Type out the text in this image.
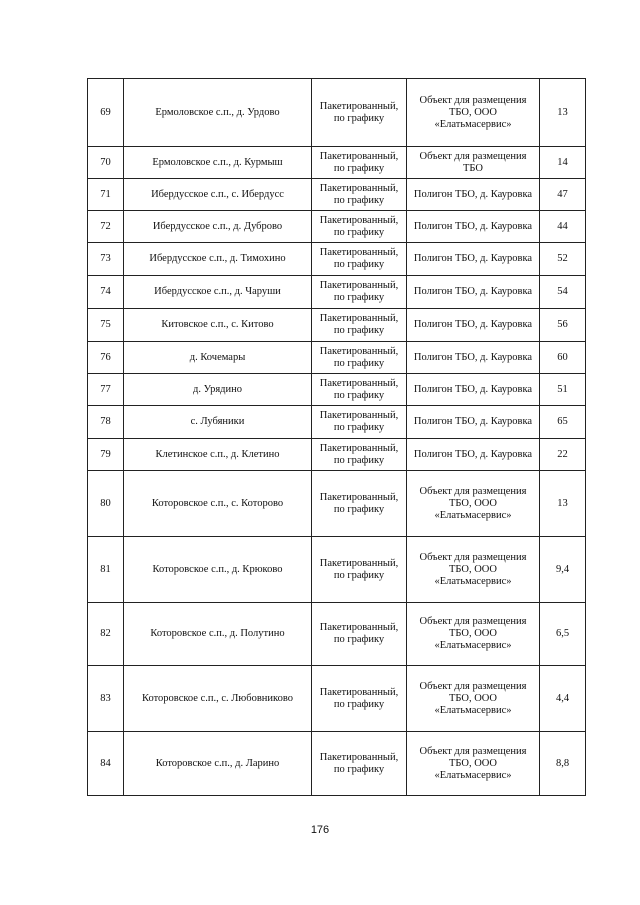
69	Ермоловское с.п., д. Урдово	Пакетированный, по графику	Объект для размещения ТБО, ООО «Елатьмасервис»	13
70	Ермоловское с.п., д. Курмыш	Пакетированный, по графику	Объект для размещения ТБО	14
71	Ибердусское с.п., с. Ибердусс	Пакетированный, по графику	Полигон ТБО, д. Кауровка	47
72	Ибердусское с.п., д. Дуброво	Пакетированный, по графику	Полигон ТБО, д. Кауровка	44
73	Ибердусское с.п., д. Тимохино	Пакетированный, по графику	Полигон ТБО, д. Кауровка	52
74	Ибердусское с.п., д. Чаруши	Пакетированный, по графику	Полигон ТБО, д. Кауровка	54
75	Китовское с.п., с. Китово	Пакетированный, по графику	Полигон ТБО, д. Кауровка	56
76	д. Кочемары	Пакетированный, по графику	Полигон ТБО, д. Кауровка	60
77	д. Урядино	Пакетированный, по графику	Полигон ТБО, д. Кауровка	51
78	с. Лубяники	Пакетированный, по графику	Полигон ТБО, д. Кауровка	65
79	Клетинское с.п., д. Клетино	Пакетированный, по графику	Полигон ТБО, д. Кауровка	22
80	Которовское с.п., с. Которово	Пакетированный, по графику	Объект для размещения ТБО, ООО «Елатьмасервис»	13
81	Которовское с.п., д. Крюково	Пакетированный, по графику	Объект для размещения ТБО, ООО «Елатьмасервис»	9,4
82	Которовское с.п., д. Полутино	Пакетированный, по графику	Объект для размещения ТБО, ООО «Елатьмасервис»	6,5
83	Которовское с.п., с. Любовниково	Пакетированный, по графику	Объект для размещения ТБО, ООО «Елатьмасервис»	4,4
84	Которовское с.п., д. Ларино	Пакетированный, по графику	Объект для размещения ТБО, ООО «Елатьмасервис»	8,8
176
